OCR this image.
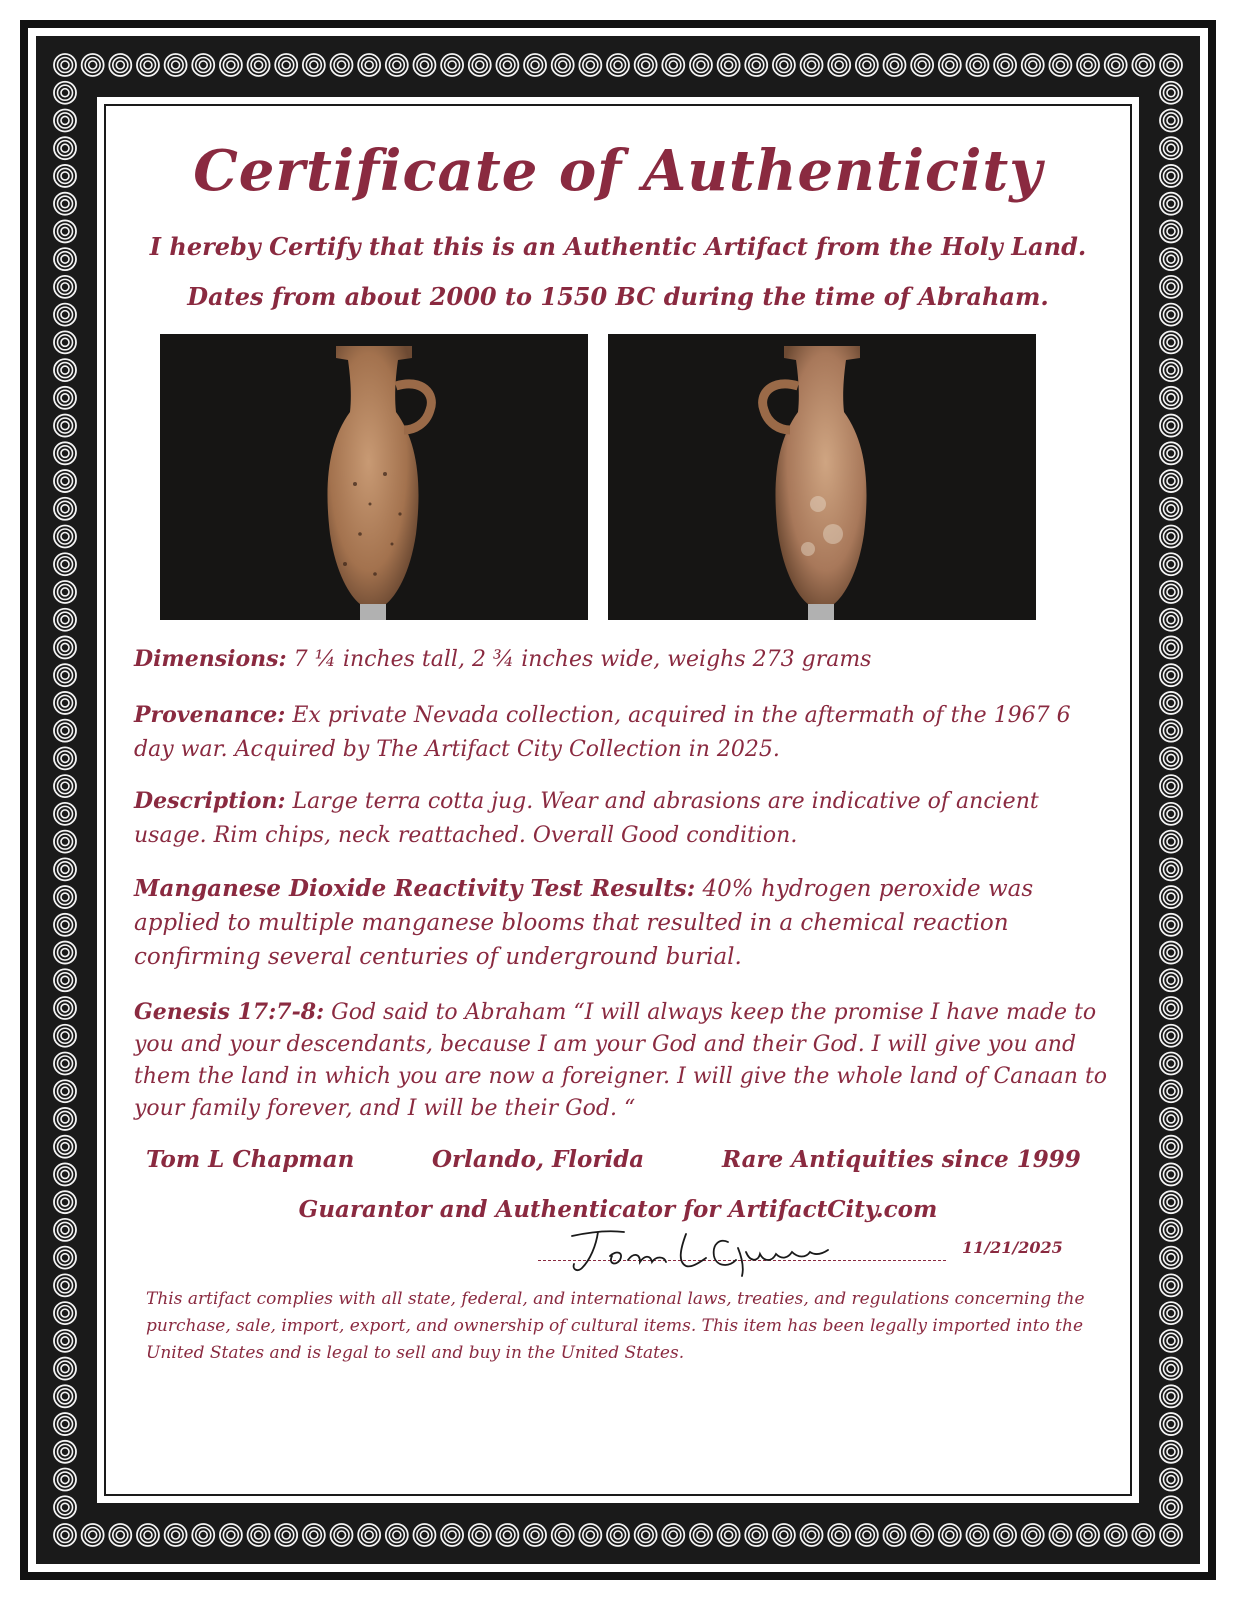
Certificate of Authenticity
I hereby Certify that this is an Authentic Artifact from the Holy Land.
Dates from about 2000 to 1550 BC during the time of Abraham.
Dimensions: 7 ¼ inches tall, 2 ¾ inches wide, weighs 273 grams
Provenance: Ex private Nevada collection, acquired in the aftermath of the 1967 6 day war. Acquired by The Artifact City Collection in 2025.
Description: Large terra cotta jug. Wear and abrasions are indicative of ancient usage. Rim chips, neck reattached. Overall Good condition.
Manganese Dioxide Reactivity Test Results: 40% hydrogen peroxide was applied to multiple manganese blooms that resulted in a chemical reaction confirming several centuries of underground burial.
Genesis 17:7-8: God said to Abraham “I will always keep the promise I have made to you and your descendants, because I am your God and their God. I will give you and them the land in which you are now a foreigner. I will give the whole land of Canaan to your family forever, and I will be their God. “
Tom L Chapman	Orlando, Florida	Rare Antiquities since 1999
Guarantor and Authenticator for ArtifactCity.com
11/21/2025
This artifact complies with all state, federal, and international laws, treaties, and regulations concerning the purchase, sale, import, export, and ownership of cultural items. This item has been legally imported into the United States and is legal to sell and buy in the United States.
